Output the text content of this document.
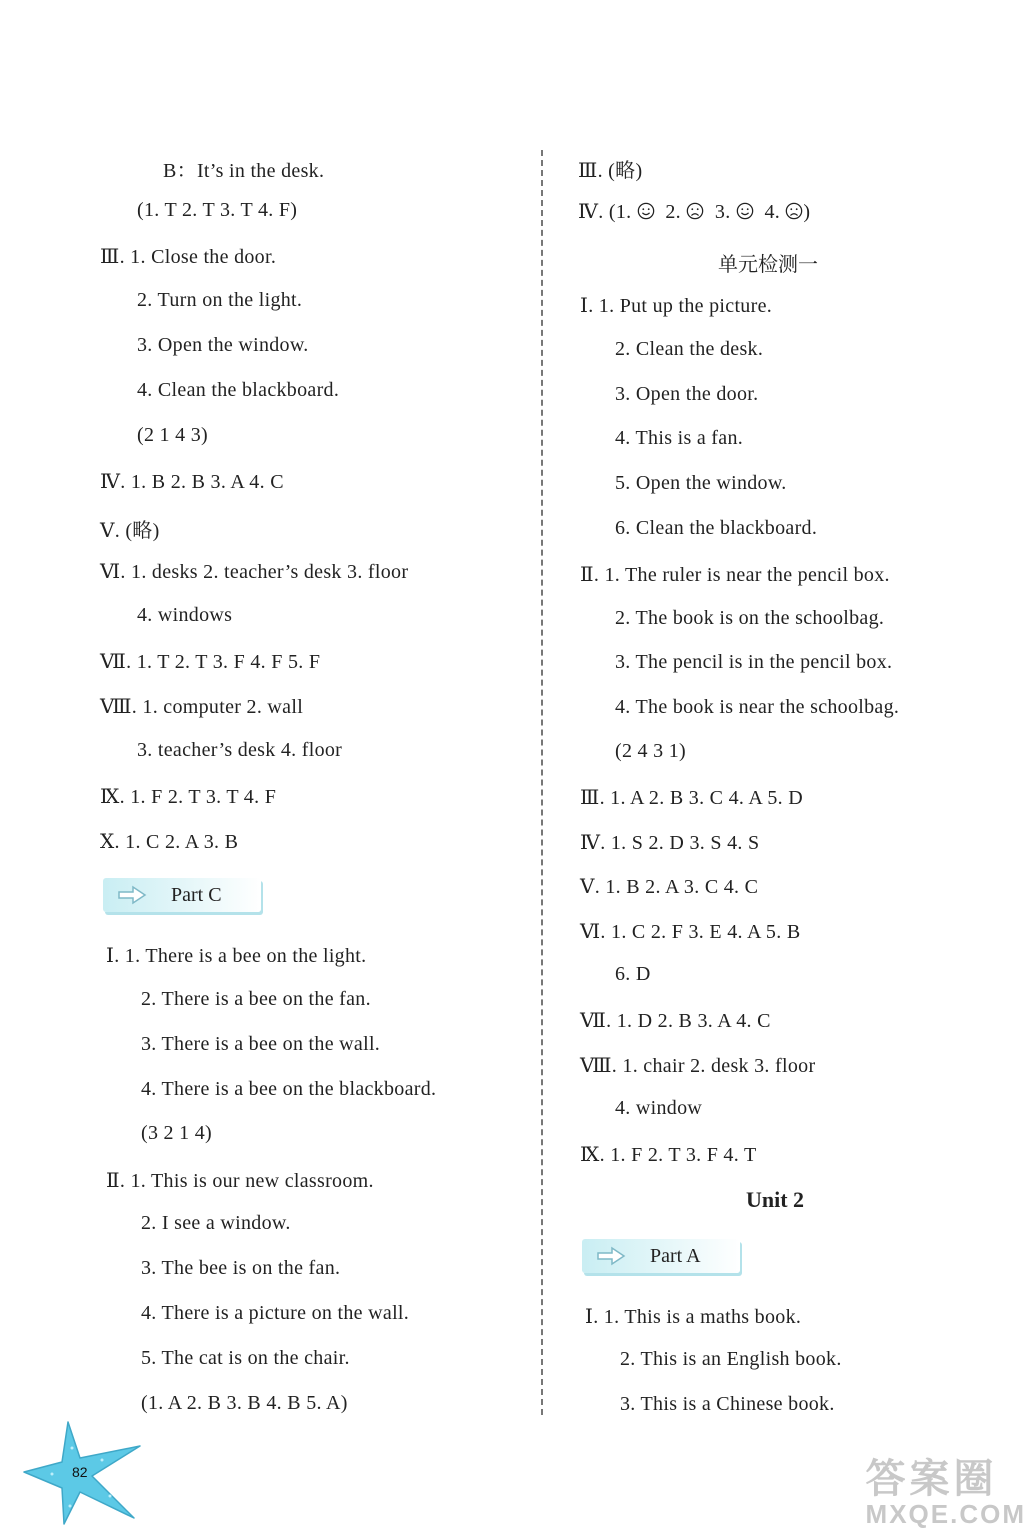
B：It’s in the desk.
(1. T 2. T 3. T 4. F)
Ⅲ. 1. Close the door.
2. Turn on the light.
3. Open the window.
4. Clean the blackboard.
(2 1 4 3)
Ⅳ. 1. B 2. B 3. A 4. C
Ⅴ. (略)
Ⅵ. 1. desks 2. teacher’s desk 3. floor
4. windows
Ⅶ. 1. T 2. T 3. F 4. F 5. F
Ⅷ. 1. computer 2. wall
3. teacher’s desk 4. floor
Ⅸ. 1. F 2. T 3. T 4. F
Ⅹ. 1. C 2. A 3. B
Part C
Ⅰ. 1. There is a bee on the light.
2. There is a bee on the fan.
3. There is a bee on the wall.
4. There is a bee on the blackboard.
(3 2 1 4)
Ⅱ. 1. This is our new classroom.
2. I see a window.
3. The bee is on the fan.
4. There is a picture on the wall.
5. The cat is on the chair.
(1. A 2. B 3. B 4. B 5. A)
Ⅲ. (略)
Ⅳ. (1. 2. 3. 4. )
单元检测一
Ⅰ. 1. Put up the picture.
2. Clean the desk.
3. Open the door.
4. This is a fan.
5. Open the window.
6. Clean the blackboard.
Ⅱ. 1. The ruler is near the pencil box.
2. The book is on the schoolbag.
3. The pencil is in the pencil box.
4. The book is near the schoolbag.
(2 4 3 1)
Ⅲ. 1. A 2. B 3. C 4. A 5. D
Ⅳ. 1. S 2. D 3. S 4. S
Ⅴ. 1. B 2. A 3. C 4. C
Ⅵ. 1. C 2. F 3. E 4. A 5. B
6. D
Ⅶ. 1. D 2. B 3. A 4. C
Ⅷ. 1. chair 2. desk 3. floor
4. window
Ⅸ. 1. F 2. T 3. F 4. T
Unit 2
Part A
Ⅰ. 1. This is a maths book.
2. This is an English book.
3. This is a Chinese book.
82	答案圈
MXQE.COM
